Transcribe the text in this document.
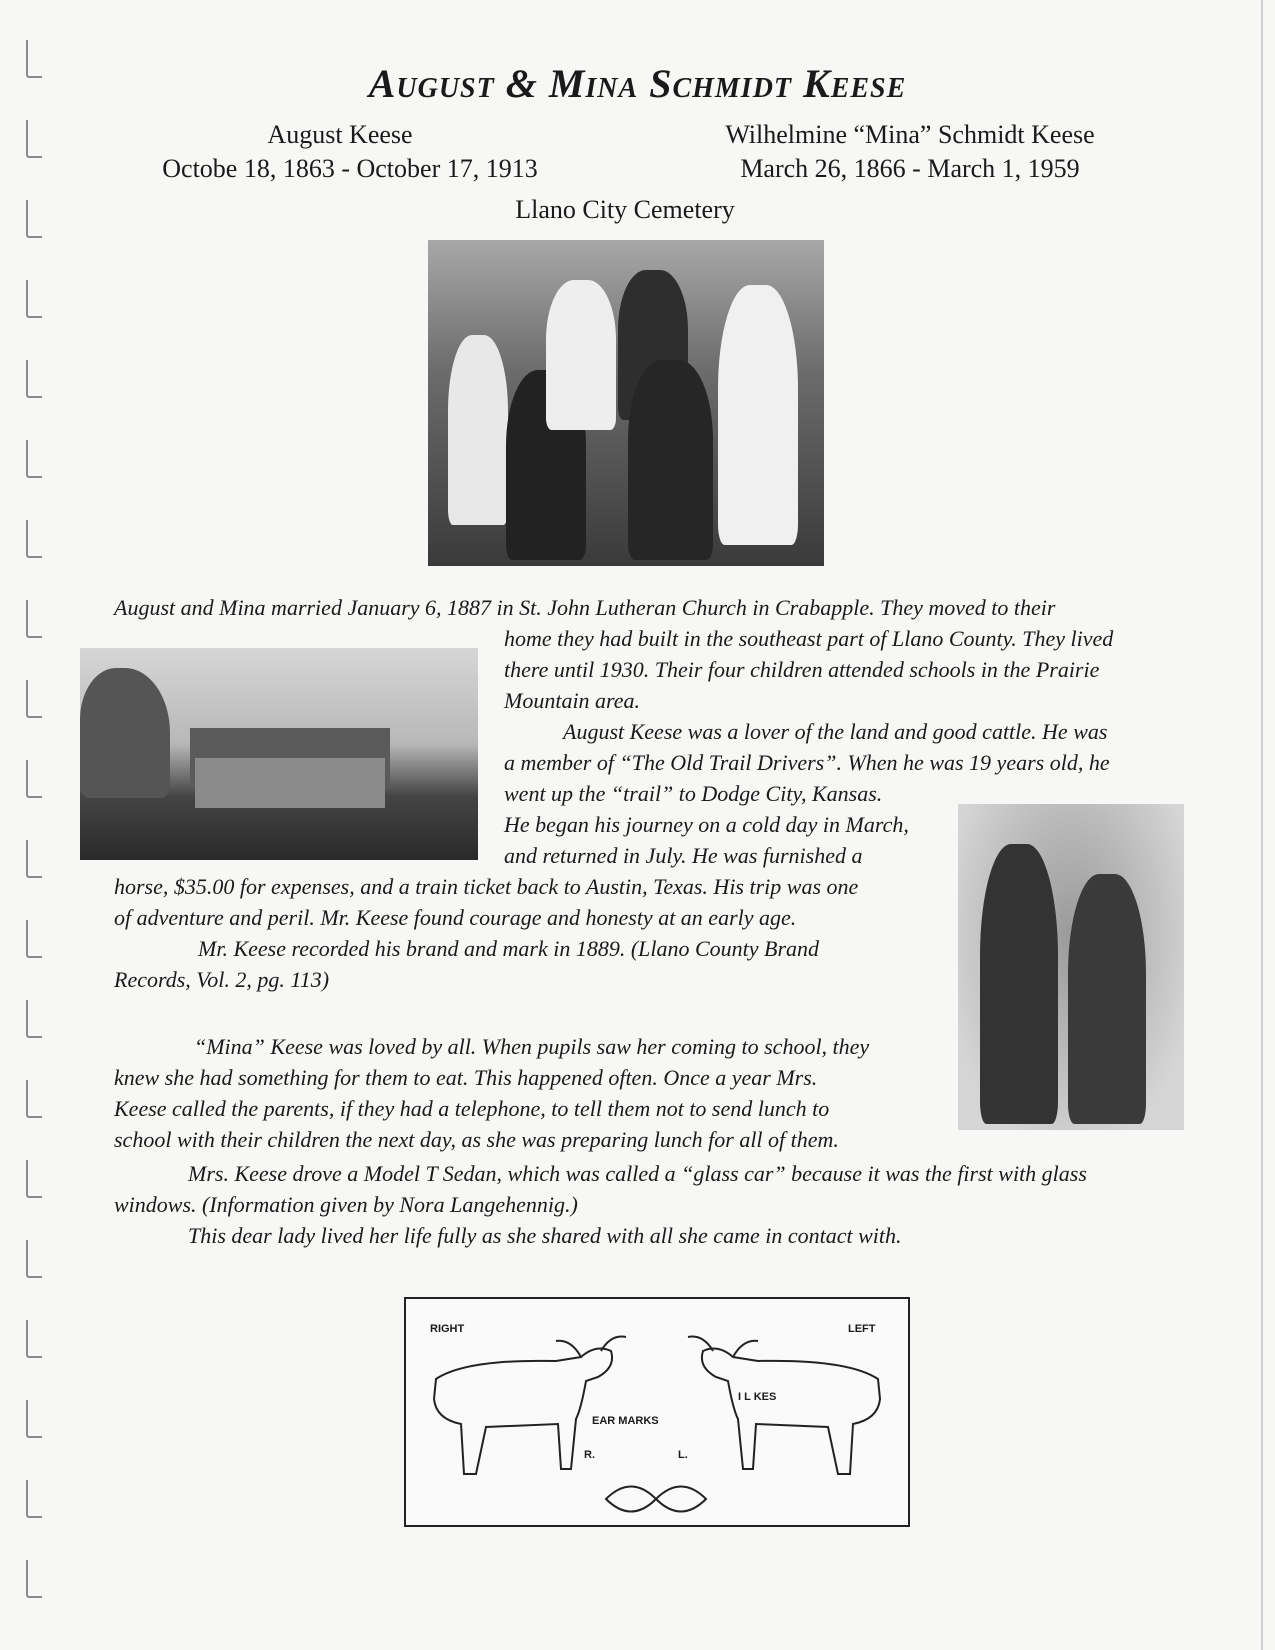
August & Mina Schmidt Keese
August Keese
Octobe 18, 1863 - October 17, 1913
Wilhelmine “Mina” Schmidt Keese
March 26, 1866 - March 1, 1959
Llano City Cemetery
August and Mina married January 6, 1887 in St. John Lutheran Church in Crabapple. They moved to their
home they had built in the southeast part of Llano County. They lived
there until 1930. Their four children attended schools in the Prairie
Mountain area.
August Keese was a lover of the land and good cattle. He was
a member of “The Old Trail Drivers”. When he was 19 years old, he
went up the “trail” to Dodge City, Kansas.
He began his journey on a cold day in March,
and returned in July. He was furnished a
horse, $35.00 for expenses, and a train ticket back to Austin, Texas. His trip was one
of adventure and peril. Mr. Keese found courage and honesty at an early age.
Mr. Keese recorded his brand and mark in 1889. (Llano County Brand
Records, Vol. 2, pg. 113)
“Mina” Keese was loved by all. When pupils saw her coming to school, they
knew she had something for them to eat. This happened often. Once a year Mrs.
Keese called the parents, if they had a telephone, to tell them not to send lunch to
school with their children the next day, as she was preparing lunch for all of them.
Mrs. Keese drove a Model T Sedan, which was called a “glass car” because it was the first with glass
windows. (Information given by Nora Langehennig.)
This dear lady lived her life fully as she shared with all she came in contact with.
RIGHT	LEFT
I L KES
EAR MARKS
R.	L.
